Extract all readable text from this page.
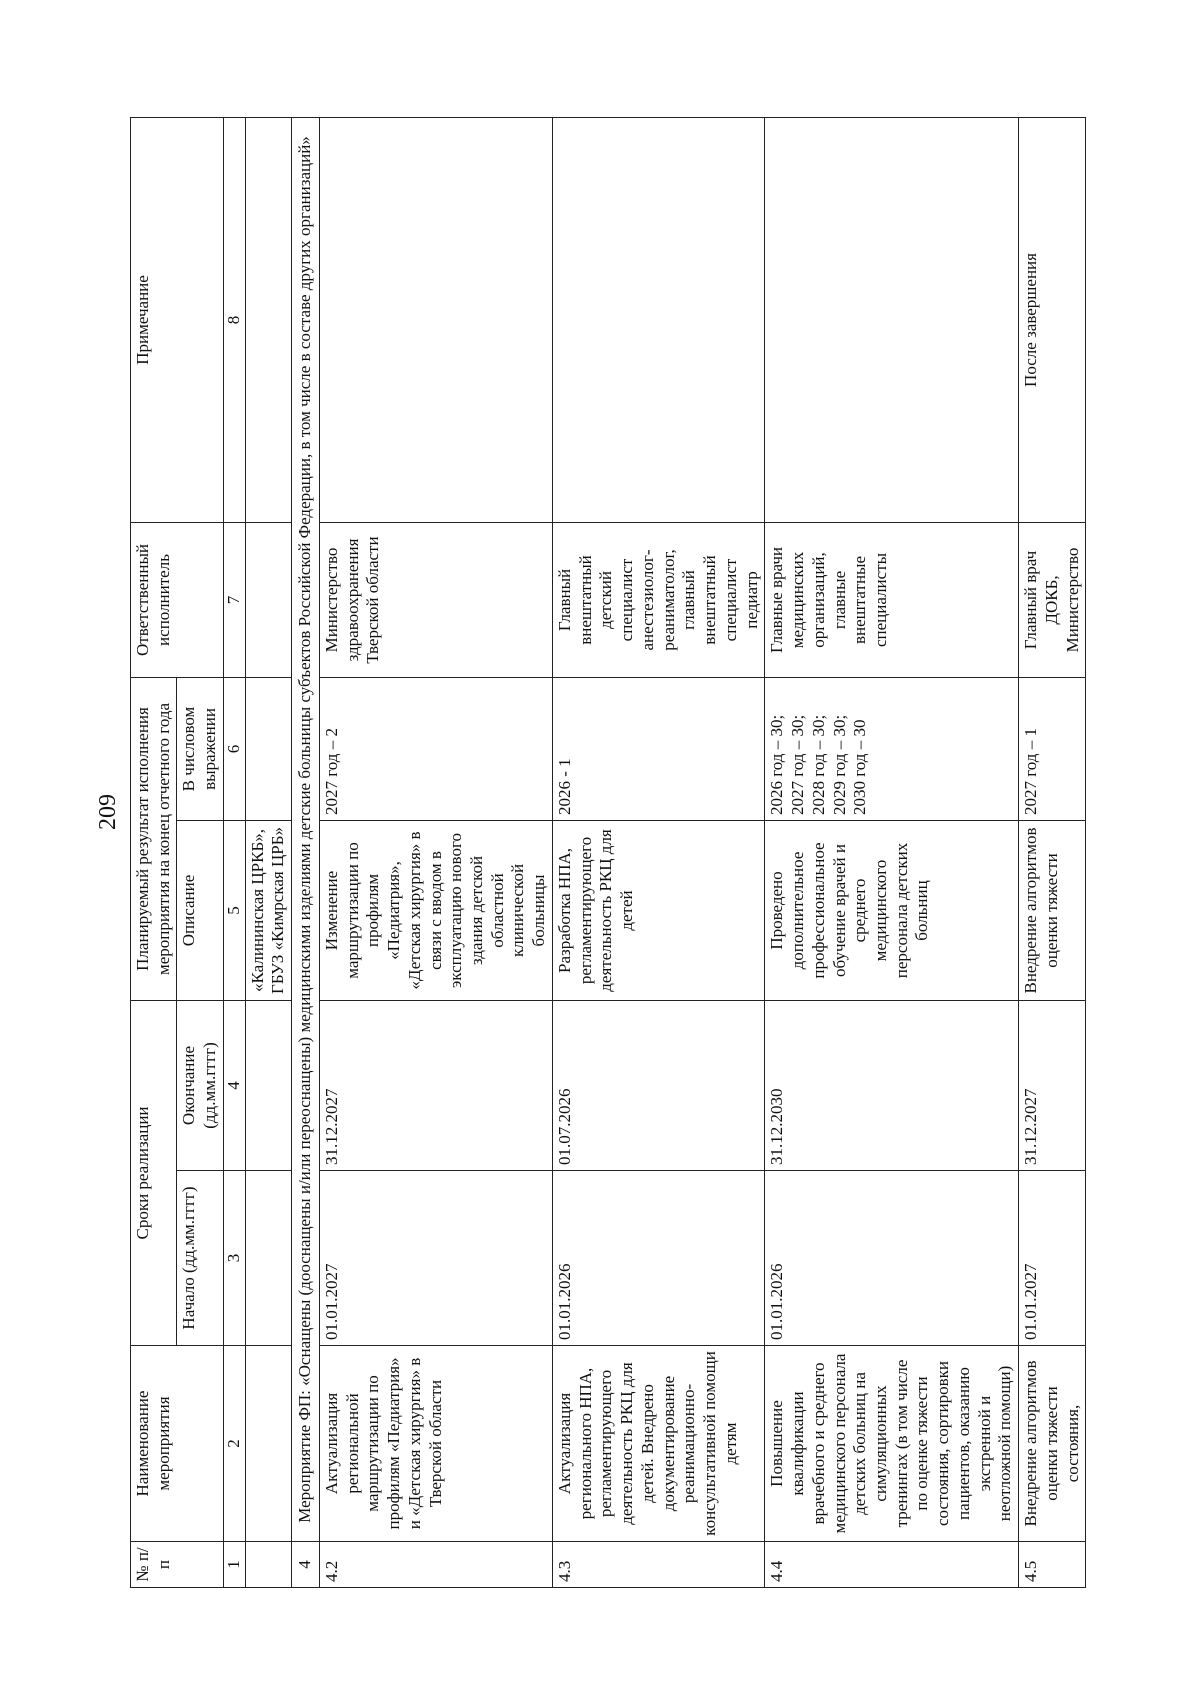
209
№ п/п	Наименование мероприятия	Сроки реализации		Планируемый результат исполнения мероприятия на конец отчетного года		Ответственный исполнитель	Примечание
		Начало (дд.мм.гггг)	Окончание (дд.мм.гггг)	Описание	В числовом выражении		
1	2	3	4	5	6	7	8
				«Калининская ЦРКБ», ГБУЗ «Кимрская ЦРБ»			
4	Мероприятие ФП: «Оснащены (дооснащены и/или переоснащены) медицинскими изделиями детские больницы субъектов Российской Федерации, в том числе в составе других организаций»						
4.2	Актуализация региональной маршрутизации по профилям «Педиатрия» и «Детская хирургия» в Тверской области	01.01.2027	31.12.2027	Изменение маршрутизации по профилям «Педиатрия», «Детская хирургия» в связи с вводом в эксплуатацию нового здания детской областной клинической больницы	2027 год – 2	Министерство здравоохранения Тверской области	
4.3	Актуализация регионального НПА, регламентирующего деятельность РКЦ для детей. Внедрено документирование реанимационно-консультативной помощи детям	01.01.2026	01.07.2026	Разработка НПА, регламентирующего деятельность РКЦ для детей	2026 - 1	Главный внештатный детский специалист анестезиолог-реаниматолог, главный внештатный специалист педиатр	
4.4	Повышение квалификации врачебного и среднего медицинского персонала детских больниц на симуляционных тренингах (в том числе по оценке тяжести состояния, сортировки пациентов, оказанию экстренной и неотложной помощи)	01.01.2026	31.12.2030	Проведено дополнительное профессиональное обучение врачей и среднего медицинского персонала детских больниц	2026 год – 30; 2027 год – 30; 2028 год – 30; 2029 год – 30; 2030 год – 30	Главные врачи медицинских организаций, главные внештатные специалисты	
4.5	Внедрение алгоритмов оценки тяжести состояния,	01.01.2027	31.12.2027	Внедрение алгоритмов оценки тяжести	2027 год – 1	Главный врач ДОКБ, Министерство	После завершения
